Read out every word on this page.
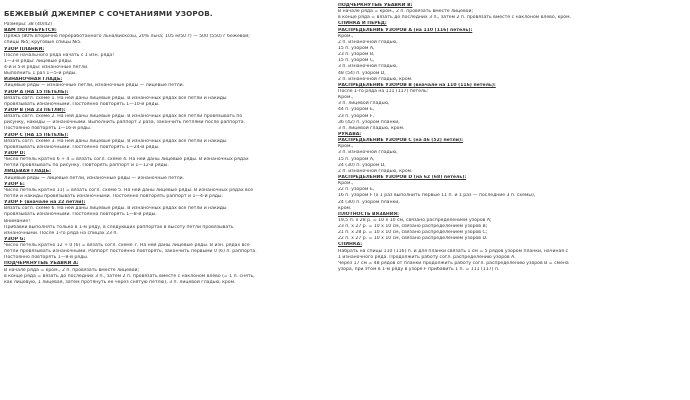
БЕЖЕВЫЙ ДЖЕМПЕР С СОЧЕТАНИЯМИ УЗОРОВ.
Размеры: 38 (40/42)
ВАМ ПОТРЕБУЕТСЯ:
Пряжа (80% вторично переработанного льна/вискозы, 20% льна; 105 м/50 г) — 500 (550) г бежевой;
спицы №5; круговые спицы №5.
УЗОР ПЛАНКИ:
После начального ряда начать с 1 изн. ряда!
1—3-й ряды: лицевые ряды.
4-й и 5-й ряды: изнаночные петли.
Выполнить 1 раз 1—5-й ряды.
ИЗНАНОЧНАЯ ГЛАДЬ:
Лицевые ряды — изнаночные петли, изнаночные ряды — лицевые петли.
УЗОР А (НА 15 ПЕТЕЛЬ):
Вязать согл. схеме 1. На ней даны лицевые ряды. В изнаночных рядах все петли и накиды
провязывать изнаночными. Постоянно повторять 1—10-й ряды.
УЗОР В (НА 23 ПЕТЛИ):
Вязать согл. схеме 2. На ней даны лицевые ряды. В изнаночных рядах все петли провязывать по
рисунку, накиды — изнаночными. Выполнить раппорт 2 раза, закончить петлями после раппорта.
Постоянно повторять 1—16-й ряды.
УЗОР С (НА 15 ПЕТЕЛЬ):
Вязать согл. схеме 3. На ней даны лицевые ряды. В изнаночных рядах все петли и накиды
провязывать изнаночными. Постоянно повторять 1—24-й ряды.
УЗОР D:
Число петель кратно 6 + 4 = вязать согл. схеме 4. На ней даны лицевые ряды. В изнаночных рядах
петли провязывать по рисунку. Повторять раппорт и 1—12-й ряды.
ЛИЦЕВАЯ ГЛАДЬ:
Лицевые ряды — лицевые петли, изнаночные ряды — изнаночные петли.
УЗОР Е:
Число петель кратно 11) = вязать согл. схеме 5. На ней даны лицевые ряды. В изнаночных рядах все
петли и накиды провязывать изнаночными. Постоянно повторять раппорт и 1—4-й ряды.
УЗОР F (вначале на 22 петли):
Вязать согл. схеме 6. На ней даны лицевые ряды. В изнаночных рядах все петли и накиды
провязывать изнаночными. Постоянно повторять 1—8-й ряды.
Внимание!
Прибавки выполнять только в 1-м ряду, в следующих раппортах в высоту петли провязывать
изнаночными. После 1-го ряда на спицах 23 п.
УЗОР G:
Число петель кратно 12 + 0 (6) = вязать согл. схеме 7. На ней даны лицевые ряды. В изн. рядах все
петли провязывать изнаночными. Раппорт постоянно повторять, закончить первыми 0 (6) п. раппорта.
Постоянно повторять 1—8-й ряды.
ПОДЧЕРКНУТЫЕ УБАВКИ А:
В начале ряда = кром., 2 п. провязать вместе лицевой;
в конце ряда = вязать до последних 3 п., затем 2 п. провязать вместе с наклоном влево (= 1 п. снять,
как лицевую, 1 лицевая, затем протянуть ее через снятую петлю), 3 п. лицевой гладью, кром.
ПОДЧЕРКНУТЫЕ УБАВКИ В:
В начале ряда = кром., 2 п. провязать вместе лицевой;
в конце ряда = вязать до последних 3 п., затем 2 п. провязать вместе с наклоном влево, кром.
СПИНКА И ПЕРЕД:
РАСПРЕДЕЛЕНИЕ УЗОРОВ А (на 110 (116) петель):
Кром.,
2 п. изнаночной гладью,
15 п. узором А,
23 п. узором В,
15 п. узором С,
3 п. изнаночной гладью,
48 (54) п. узором D,
2 п. изнаночной гладью, кром.
РАСПРЕДЕЛЕНИЕ УЗОРОВ В (вначале на 110 (116) петель):
После 1-го ряда на 111 (117) петель:
Кром.,
3 п. лицевой гладью,
44 п. узором Е,
23 п. узором F,
36 (42) п. узором планки,
3 п. лицевой гладью, кром.
РУКАВА:
РАСПРЕДЕЛЕНИЕ УЗОРОВ С (на 46 (52) петли):
Кром.,
3 п. изнаночной гладью,
15 п. узором А,
24 (30) п. узором D,
2 п. изнаночной гладью, кром.
РАСПРЕДЕЛЕНИЕ УЗОРОВ D (на 62 (68) петель):
Кром.,
22 п. узором Е,
16 п. узором F (х 1 раз выполнить первые 11 п. и 1 раз — последние 3 п. схемы),
24 (30) п. узором планки,
кром.
ПЛОТНОСТЬ ВЯЗАНИЯ:
19,5 п. х 28 р. = 10 х 10 см, связано распределением узоров А;
23 п. х 27 р. = 10 х 10 см, связано распределением узоров В;
21 п. х 28 р. = 10 х 10 см, связано распределением узоров С;
22 п. х 27 р. = 10 х 10 см, связано распределением узоров D.
СПИНКА:
Набрать на спицы 110 (116) п. и для планки связать 1 см = 5 рядов узором планки, начиная с
1 изнаночного ряда. Продолжить работу согл. распределению узоров А.
Через 17 см = 48 рядов от планки продолжить работу согл. распределению узоров В = смена
узора, при этом в 1-м ряду в узоре F прибавить 1 п. = 111 (117) п.
